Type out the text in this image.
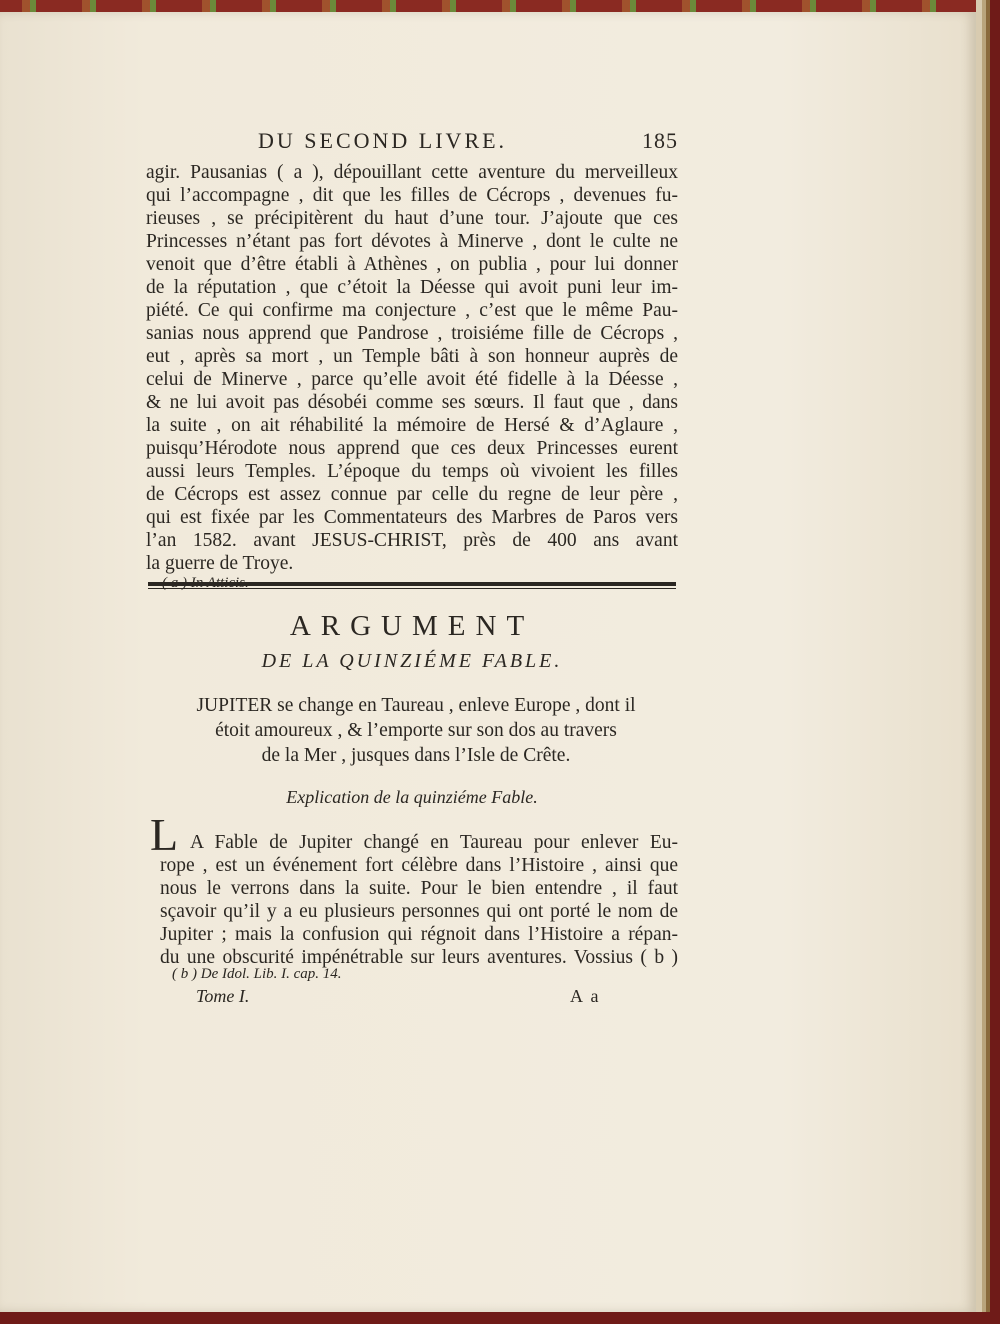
DU SECOND LIVRE.	185
agir. Pausanias ( a ), dépouillant cette aventure du merveilleux
qui l’accompagne , dit que les filles de Cécrops , devenues fu-
rieuses , se précipitèrent du haut d’une tour. J’ajoute que ces
Princesses n’étant pas fort dévotes à Minerve , dont le culte ne
venoit que d’être établi à Athènes , on publia , pour lui donner
de la réputation , que c’étoit la Déesse qui avoit puni leur im-
piété. Ce qui confirme ma conjecture , c’est que le même Pau-
sanias nous apprend que Pandrose , troisiéme fille de Cécrops ,
eut , après sa mort , un Temple bâti à son honneur auprès de
celui de Minerve , parce qu’elle avoit été fidelle à la Déesse ,
& ne lui avoit pas désobéi comme ses sœurs. Il faut que , dans
la suite , on ait réhabilité la mémoire de Hersé & d’Aglaure ,
puisqu’Hérodote nous apprend que ces deux Princesses eurent
aussi leurs Temples. L’époque du temps où vivoient les filles
de Cécrops est assez connue par celle du regne de leur père ,
qui est fixée par les Commentateurs des Marbres de Paros vers
l’an 1582. avant JESUS-CHRIST, près de 400 ans avant
la guerre de Troye.
ARGUMENT
DE LA QUINZIÉME FABLE.
JUPITER se change en Taureau , enleve Europe , dont il
étoit amoureux , & l’emporte sur son dos au travers
de la Mer , jusques dans l’Isle de Crête.
Explication de la quinziéme Fable.
L A Fable de Jupiter changé en Taureau pour enlever Eu-
rope , est un événement fort célèbre dans l’Histoire , ainsi que
nous le verrons dans la suite. Pour le bien entendre , il faut
sçavoir qu’il y a eu plusieurs personnes qui ont porté le nom de
Jupiter ; mais la confusion qui régnoit dans l’Histoire a répan-
du une obscurité impénétrable sur leurs aventures. Vossius ( b )
( b ) De Idol. Lib. I. cap. 14.
Tome I.	A a
